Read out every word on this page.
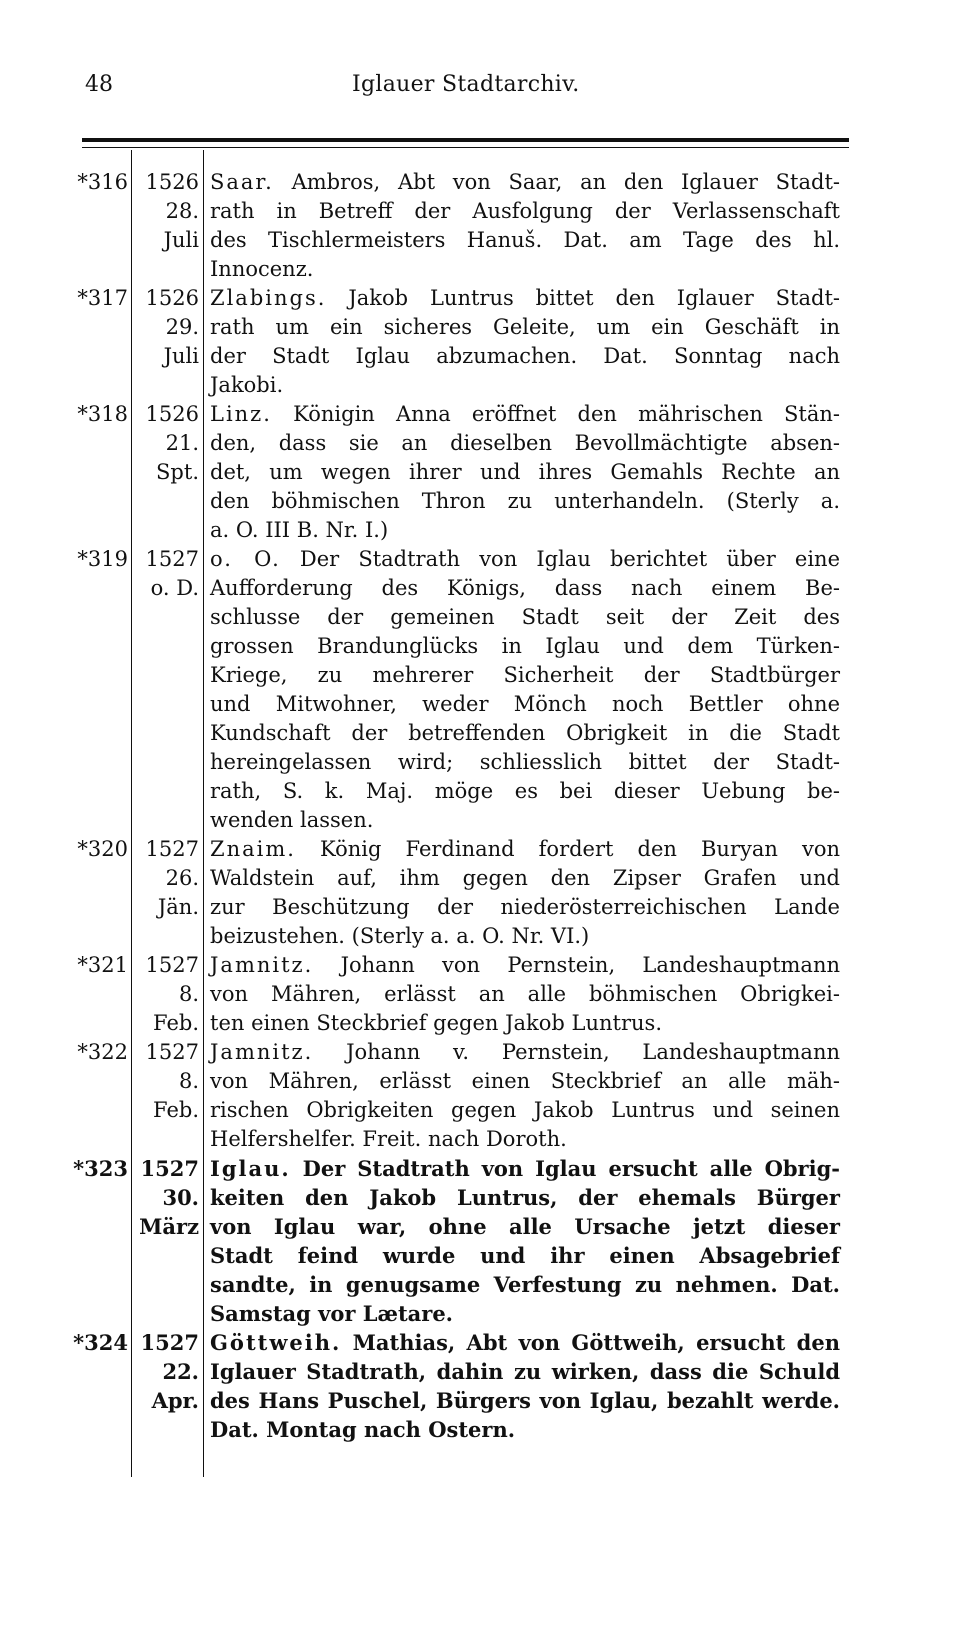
48	Iglauer Stadtarchiv.
*316 1526
28.
Juli
Saar. Ambros, Abt von Saar, an den Iglauer Stadt-
rath in Betreff der Ausfolgung der Verlassenschaft
des Tischlermeisters Hanuš. Dat. am Tage des hl.
Innocenz.
*317 1526
29.
Juli
Zlabings. Jakob Luntrus bittet den Iglauer Stadt-
rath um ein sicheres Geleite, um ein Geschäft in
der Stadt Iglau abzumachen. Dat. Sonntag nach
Jakobi.
*318 1526
21.
Spt.
Linz. Königin Anna eröffnet den mährischen Stän-
den, dass sie an dieselben Bevollmächtigte absen-
det, um wegen ihrer und ihres Gemahls Rechte an
den böhmischen Thron zu unterhandeln. (Sterly a.
a. O. III B. Nr. I.)
*319 1527
o. D.
o. O. Der Stadtrath von Iglau berichtet über eine
Aufforderung des Königs, dass nach einem Be-
schlusse der gemeinen Stadt seit der Zeit des
grossen Brandunglücks in Iglau und dem Türken-
Kriege, zu mehrerer Sicherheit der Stadtbürger
und Mitwohner, weder Mönch noch Bettler ohne
Kundschaft der betreffenden Obrigkeit in die Stadt
hereingelassen wird; schliesslich bittet der Stadt-
rath, S. k. Maj. möge es bei dieser Uebung be-
wenden lassen.
*320 1527
26.
Jän.
Znaim. König Ferdinand fordert den Buryan von
Waldstein auf, ihm gegen den Zipser Grafen und
zur Beschützung der niederösterreichischen Lande
beizustehen. (Sterly a. a. O. Nr. VI.)
*321 1527
8.
Feb.
Jamnitz. Johann von Pernstein, Landeshauptmann
von Mähren, erlässt an alle böhmischen Obrigkei-
ten einen Steckbrief gegen Jakob Luntrus.
*322 1527
8.
Feb.
Jamnitz. Johann v. Pernstein, Landeshauptmann
von Mähren, erlässt einen Steckbrief an alle mäh-
rischen Obrigkeiten gegen Jakob Luntrus und seinen
Helfershelfer. Freit. nach Doroth.
*323 1527
30.
März
Iglau. Der Stadtrath von Iglau ersucht alle Obrig-
keiten den Jakob Luntrus, der ehemals Bürger
von Iglau war, ohne alle Ursache jetzt dieser
Stadt feind wurde und ihr einen Absagebrief
sandte, in genugsame Verfestung zu nehmen. Dat.
Samstag vor Lætare.
*324 1527
22.
Apr.
Göttweih. Mathias, Abt von Göttweih, ersucht den
Iglauer Stadtrath, dahin zu wirken, dass die Schuld
des Hans Puschel, Bürgers von Iglau, bezahlt werde.
Dat. Montag nach Ostern.
